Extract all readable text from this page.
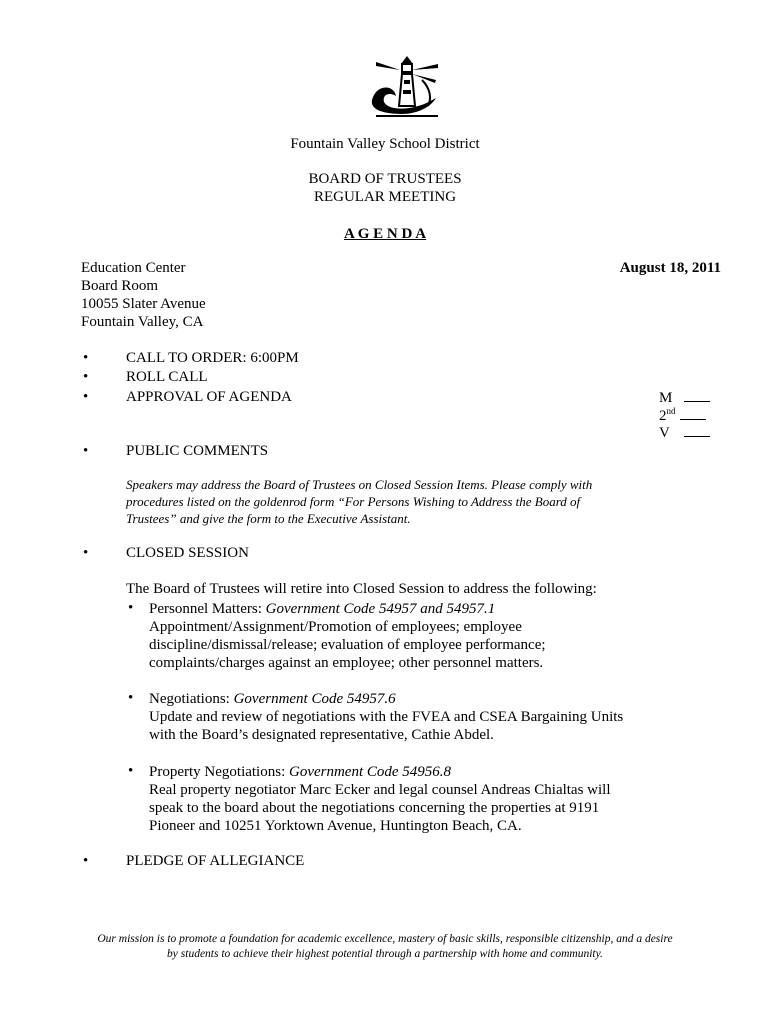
Fountain Valley School District
BOARD OF TRUSTEES
REGULAR MEETING
A G E N D A
Education Center
Board Room
10055 Slater Avenue
Fountain Valley, CA
August 18, 2011
•	CALL TO ORDER: 6:00PM
•	ROLL CALL
•	APPROVAL OF AGENDA	M
2nd
V
•	PUBLIC COMMENTS
Speakers may address the Board of Trustees on Closed Session Items. Please comply with
procedures listed on the goldenrod form “For Persons Wishing to Address the Board of
Trustees” and give the form to the Executive Assistant.
•	CLOSED SESSION
The Board of Trustees will retire into Closed Session to address the following:
• Personnel Matters: Government Code 54957 and 54957.1
Appointment/Assignment/Promotion of employees; employee
discipline/dismissal/release; evaluation of employee performance;
complaints/charges against an employee; other personnel matters.
• Negotiations: Government Code 54957.6
Update and review of negotiations with the FVEA and CSEA Bargaining Units
with the Board’s designated representative, Cathie Abdel.
• Property Negotiations: Government Code 54956.8
Real property negotiator Marc Ecker and legal counsel Andreas Chialtas will
speak to the board about the negotiations concerning the properties at 9191
Pioneer and 10251 Yorktown Avenue, Huntington Beach, CA.
•	PLEDGE OF ALLEGIANCE
Our mission is to promote a foundation for academic excellence, mastery of basic skills, responsible citizenship, and a desire
by students to achieve their highest potential through a partnership with home and community.
